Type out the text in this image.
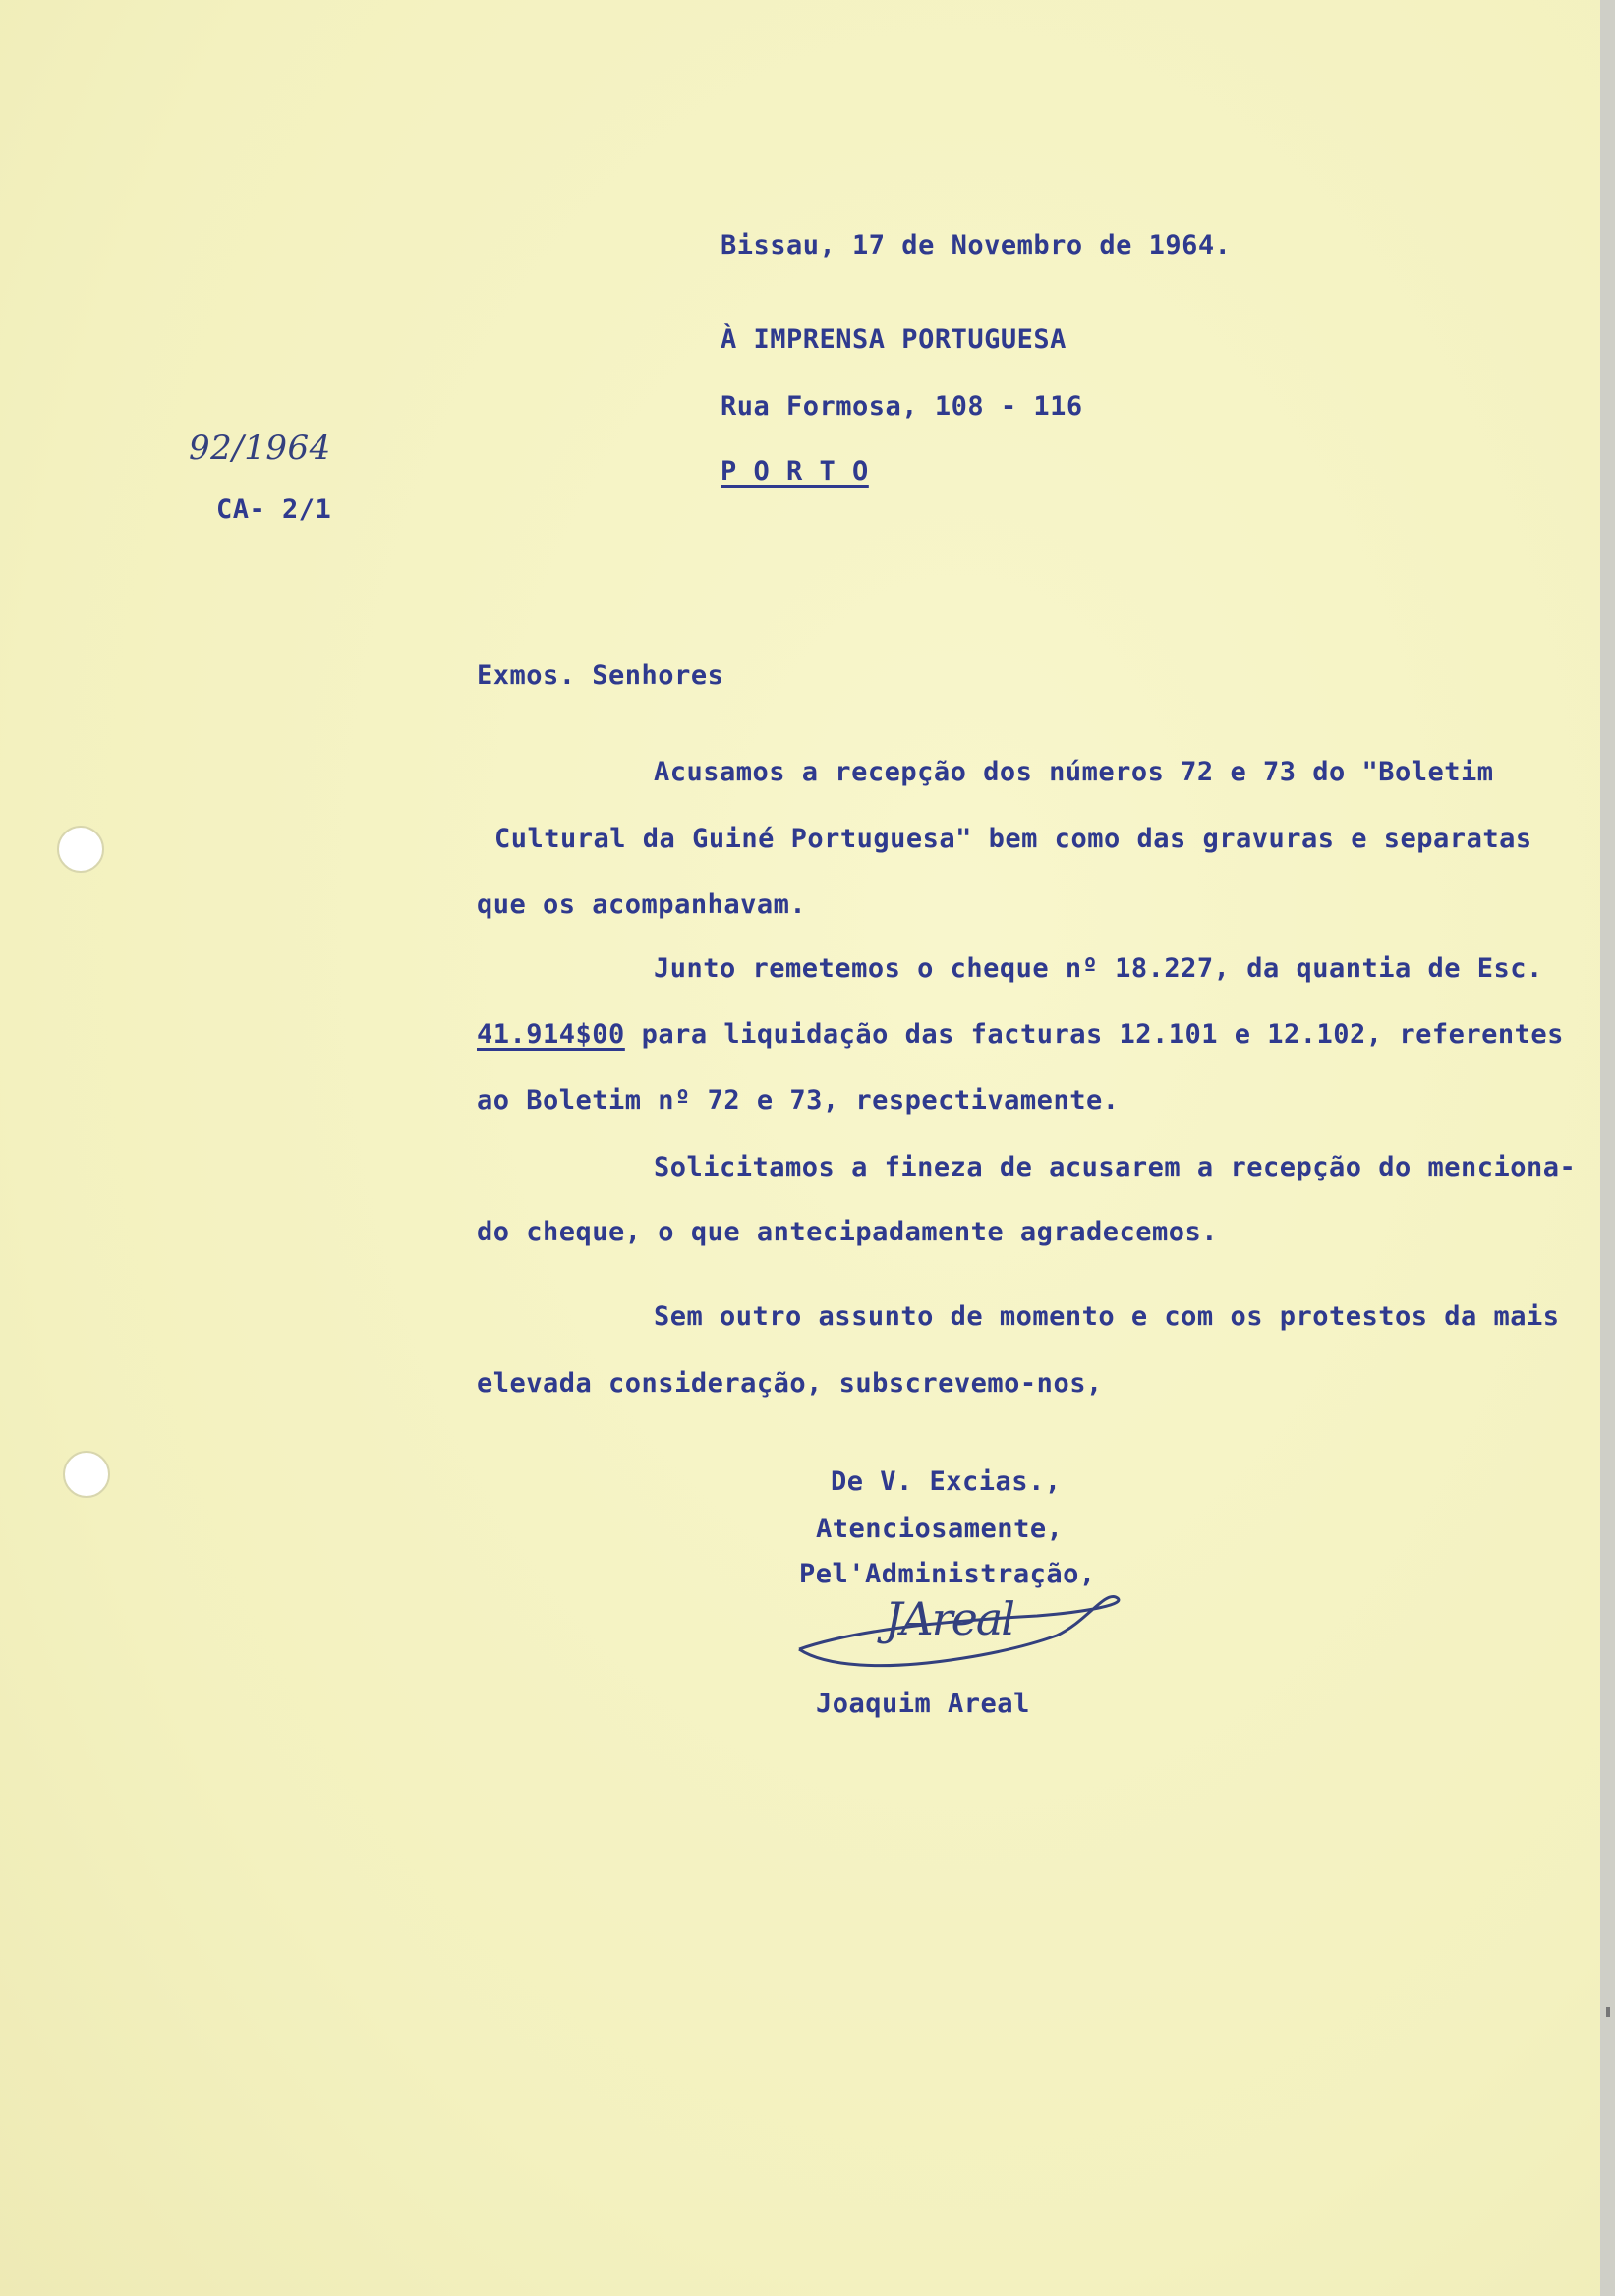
Bissau, 17 de Novembro de 1964.
À IMPRENSA PORTUGUESA
Rua Formosa, 108 - 116
P O R T O
92/1964
CA- 2/1
Exmos. Senhores
Acusamos a recepção dos números 72 e 73 do "Boletim
Cultural da Guiné Portuguesa" bem como das gravuras e separatas
que os acompanhavam.
Junto remetemos o cheque nº 18.227, da quantia de Esc.
41.914$00 para liquidação das facturas 12.101 e 12.102, referentes
ao Boletim nº 72 e 73, respectivamente.
Solicitamos a fineza de acusarem a recepção do menciona-
do cheque, o que antecipadamente agradecemos.
Sem outro assunto de momento e com os protestos da mais
elevada consideração, subscrevemo-nos,
De V. Excias.,
Atenciosamente,
Pel'Administração,
JAreal
Joaquim Areal
